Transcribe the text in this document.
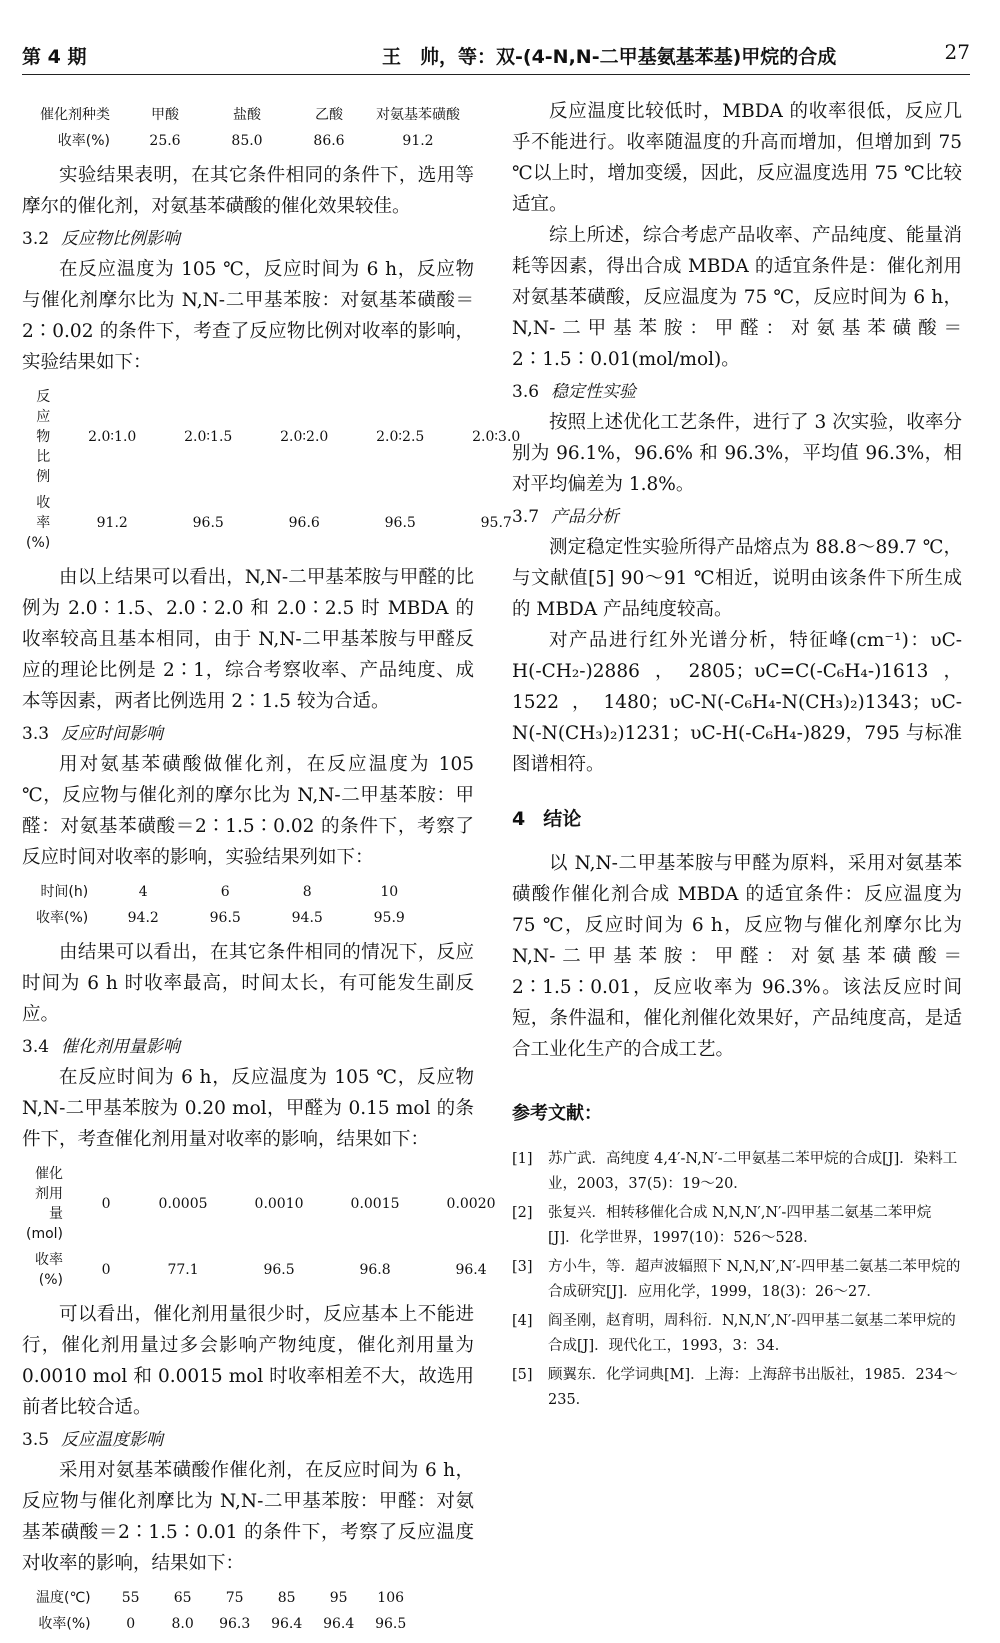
第 4 期	王　帅，等：双-(4-N,N-二甲基氨基苯基)甲烷的合成	27
催化剂种类	甲酸	盐酸	乙酸	对氨基苯磺酸
收率(%)	25.6	85.0	86.6	91.2

实验结果表明，在其它条件相同的条件下，选用等摩尔的催化剂，对氨基苯磺酸的催化效果较佳。

3.2 反应物比例影响

在反应温度为 105 ℃，反应时间为 6 h，反应物与催化剂摩尔比为 N,N-二甲基苯胺：对氨基苯磺酸＝2∶0.02 的条件下，考查了反应物比例对收率的影响，实验结果如下：

反应物比例	2.0∶1.0	2.0∶1.5	2.0∶2.0	2.0∶2.5	2.0∶3.0
收率(%)	91.2	96.5	96.6	96.5	95.7

由以上结果可以看出，N,N-二甲基苯胺与甲醛的比例为 2.0∶1.5、2.0∶2.0 和 2.0∶2.5 时 MBDA 的收率较高且基本相同，由于 N,N-二甲基苯胺与甲醛反应的理论比例是 2∶1，综合考察收率、产品纯度、成本等因素，两者比例选用 2∶1.5 较为合适。

3.3 反应时间影响

用对氨基苯磺酸做催化剂，在反应温度为 105 ℃，反应物与催化剂的摩尔比为 N,N-二甲基苯胺：甲醛：对氨基苯磺酸＝2∶1.5∶0.02 的条件下，考察了反应时间对收率的影响，实验结果列如下：

时间(h)	4	6	8	10
收率(%)	94.2	96.5	94.5	95.9

由结果可以看出，在其它条件相同的情况下，反应时间为 6 h 时收率最高，时间太长，有可能发生副反应。

3.4 催化剂用量影响

在反应时间为 6 h，反应温度为 105 ℃，反应物 N,N-二甲基苯胺为 0.20 mol，甲醛为 0.15 mol 的条件下，考查催化剂用量对收率的影响，结果如下：

催化剂用量(mol)	0	0.0005	0.0010	0.0015	0.0020
收率(%)	0	77.1	96.5	96.8	96.4

可以看出，催化剂用量很少时，反应基本上不能进行，催化剂用量过多会影响产物纯度，催化剂用量为 0.0010 mol 和 0.0015 mol 时收率相差不大，故选用前者比较合适。

3.5 反应温度影响

采用对氨基苯磺酸作催化剂，在反应时间为 6 h，反应物与催化剂摩比为 N,N-二甲基苯胺：甲醛：对氨基苯磺酸＝2∶1.5∶0.01 的条件下，考察了反应温度对收率的影响，结果如下：

温度(℃)	55	65	75	85	95	106
收率(%)	0	8.0	96.3	96.4	96.4	96.5

反应温度比较低时，MBDA 的收率很低，反应几乎不能进行。收率随温度的升高而增加，但增加到 75 ℃以上时，增加变缓，因此，反应温度选用 75 ℃比较适宜。

综上所述，综合考虑产品收率、产品纯度、能量消耗等因素，得出合成 MBDA 的适宜条件是：催化剂用对氨基苯磺酸，反应温度为 75 ℃，反应时间为 6 h，N,N-二甲基苯胺：甲醛：对氨基苯磺酸＝2∶1.5∶0.01(mol/mol)。

3.6 稳定性实验

按照上述优化工艺条件，进行了 3 次实验，收率分别为 96.1%，96.6% 和 96.3%，平均值 96.3%，相对平均偏差为 1.8%。

3.7 产品分析

测定稳定性实验所得产品熔点为 88.8～89.7 ℃，与文献值[5] 90～91 ℃相近，说明由该条件下所生成的 MBDA 产品纯度较高。

对产品进行红外光谱分析，特征峰(cm⁻¹)：υC-H(-CH₂-)2886，2805；υC=C(-C₆H₄-)1613，1522，1480；υC-N(-C₆H₄-N(CH₃)₂)1343；υC-N(-N(CH₃)₂)1231；υC-H(-C₆H₄-)829，795 与标准图谱相符。

4 结论

以 N,N-二甲基苯胺与甲醛为原料，采用对氨基苯磺酸作催化剂合成 MBDA 的适宜条件：反应温度为 75 ℃，反应时间为 6 h，反应物与催化剂摩尔比为 N,N-二甲基苯胺：甲醛：对氨基苯磺酸＝2∶1.5∶0.01，反应收率为 96.3%。该法反应时间短，条件温和，催化剂催化效果好，产品纯度高，是适合工业化生产的合成工艺。

参考文献：
[1] 苏广武．高纯度 4,4′-N,N′-二甲氨基二苯甲烷的合成[J]．染料工业，2003，37(5)：19～20．
[2] 张复兴．相转移催化合成 N,N,N′,N′-四甲基二氨基二苯甲烷[J]．化学世界，1997(10)：526～528．
[3] 方小牛，等．超声波辐照下 N,N,N′,N′-四甲基二氨基二苯甲烷的合成研究[J]．应用化学，1999，18(3)：26～27．
[4] 阎圣刚，赵育明，周科衍．N,N,N′,N′-四甲基二氨基二苯甲烷的合成[J]．现代化工，1993，3：34．
[5] 顾翼东．化学词典[M]．上海：上海辞书出版社，1985．234～235．
